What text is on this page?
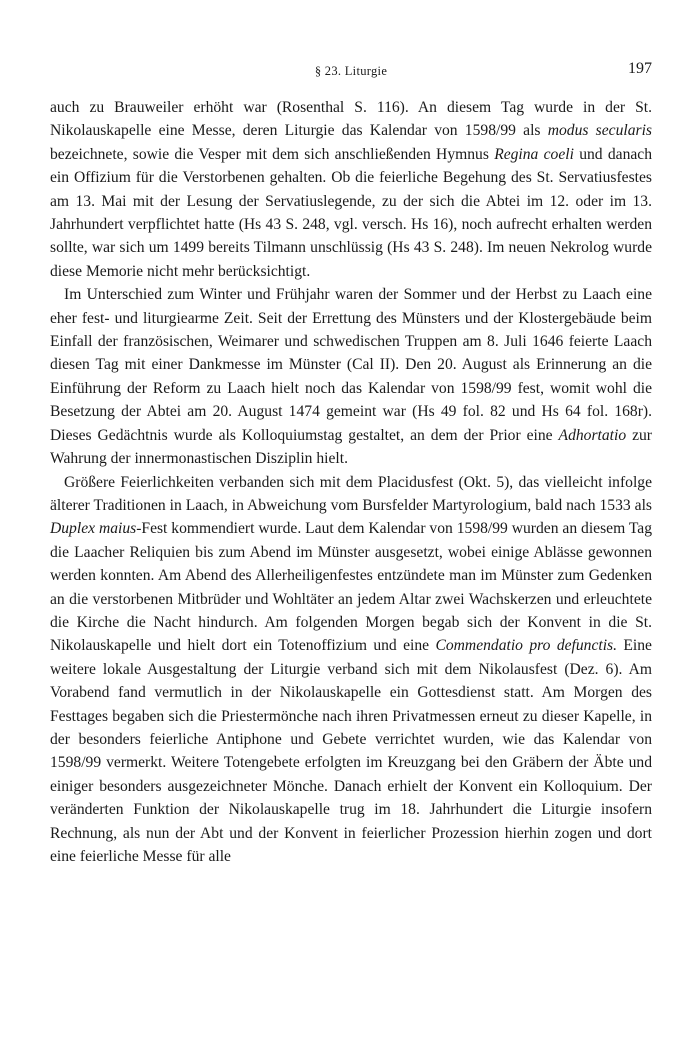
§ 23. Liturgie	197

auch zu Brauweiler erhöht war (Rosenthal S. 116). An diesem Tag wurde in der St. Nikolauskapelle eine Messe, deren Liturgie das Kalendar von 1598/99 als modus secularis bezeichnete, sowie die Vesper mit dem sich anschließenden Hymnus Regina coeli und danach ein Offizium für die Verstorbenen gehalten. Ob die feierliche Begehung des St. Servatiusfestes am 13. Mai mit der Lesung der Servatiuslegende, zu der sich die Abtei im 12. oder im 13. Jahrhundert verpflichtet hatte (Hs 43 S. 248, vgl. versch. Hs 16), noch aufrecht erhalten werden sollte, war sich um 1499 bereits Tilmann unschlüssig (Hs 43 S. 248). Im neuen Nekrolog wurde diese Memorie nicht mehr berücksichtigt.

Im Unterschied zum Winter und Frühjahr waren der Sommer und der Herbst zu Laach eine eher fest- und liturgiearme Zeit. Seit der Errettung des Münsters und der Klostergebäude beim Einfall der französischen, Weimarer und schwedischen Truppen am 8. Juli 1646 feierte Laach diesen Tag mit einer Dankmesse im Münster (Cal II). Den 20. August als Erinnerung an die Einführung der Reform zu Laach hielt noch das Kalendar von 1598/99 fest, womit wohl die Besetzung der Abtei am 20. August 1474 gemeint war (Hs 49 fol. 82 und Hs 64 fol. 168r). Dieses Gedächtnis wurde als Kolloquiumstag gestaltet, an dem der Prior eine Adhortatio zur Wahrung der innermonastischen Disziplin hielt.

Größere Feierlichkeiten verbanden sich mit dem Placidusfest (Okt. 5), das vielleicht infolge älterer Traditionen in Laach, in Abweichung vom Bursfelder Martyrologium, bald nach 1533 als Duplex maius-Fest kommendiert wurde. Laut dem Kalendar von 1598/99 wurden an diesem Tag die Laacher Reliquien bis zum Abend im Münster ausgesetzt, wobei einige Ablässe gewonnen werden konnten. Am Abend des Allerheiligenfestes entzündete man im Münster zum Gedenken an die verstorbenen Mitbrüder und Wohltäter an jedem Altar zwei Wachskerzen und erleuchtete die Kirche die Nacht hindurch. Am folgenden Morgen begab sich der Konvent in die St. Nikolauskapelle und hielt dort ein Totenoffizium und eine Commendatio pro defunctis. Eine weitere lokale Ausgestaltung der Liturgie verband sich mit dem Nikolausfest (Dez. 6). Am Vorabend fand vermutlich in der Nikolauskapelle ein Gottesdienst statt. Am Morgen des Festtages begaben sich die Priestermönche nach ihren Privatmessen erneut zu dieser Kapelle, in der besonders feierliche Antiphone und Gebete verrichtet wurden, wie das Kalendar von 1598/99 vermerkt. Weitere Totengebete erfolgten im Kreuzgang bei den Gräbern der Äbte und einiger besonders ausgezeichneter Mönche. Danach erhielt der Konvent ein Kolloquium. Der veränderten Funktion der Nikolauskapelle trug im 18. Jahrhundert die Liturgie insofern Rechnung, als nun der Abt und der Konvent in feierlicher Prozession hierhin zogen und dort eine feierliche Messe für alle
